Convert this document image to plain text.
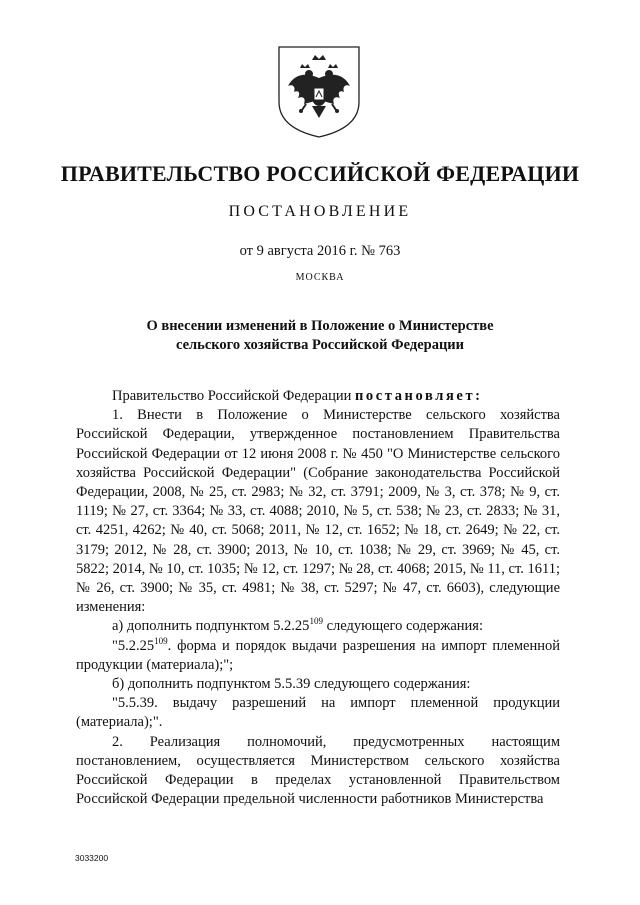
ПРАВИТЕЛЬСТВО РОССИЙСКОЙ ФЕДЕРАЦИИ
ПОСТАНОВЛЕНИЕ
от 9 августа 2016 г. № 763
МОСКВА
О внесении изменений в Положение о Министерстве
сельского хозяйства Российской Федерации

Правительство Российской Федерации постановляет:

1. Внести в Положение о Министерстве сельского хозяйства Российской Федерации, утвержденное постановлением Правительства Российской Федерации от 12 июня 2008 г. № 450 "О Министерстве сельского хозяйства Российской Федерации" (Собрание законодательства Российской Федерации, 2008, № 25, ст. 2983; № 32, ст. 3791; 2009, № 3, ст. 378; № 9, ст. 1119; № 27, ст. 3364; № 33, ст. 4088; 2010, № 5, ст. 538; № 23, ст. 2833; № 31, ст. 4251, 4262; № 40, ст. 5068; 2011, № 12, ст. 1652; № 18, ст. 2649; № 22, ст. 3179; 2012, № 28, ст. 3900; 2013, № 10, ст. 1038; № 29, ст. 3969; № 45, ст. 5822; 2014, № 10, ст. 1035; № 12, ст. 1297; № 28, ст. 4068; 2015, № 11, ст. 1611; № 26, ст. 3900; № 35, ст. 4981; № 38, ст. 5297; № 47, ст. 6603), следующие изменения:

а) дополнить подпунктом 5.2.25$^{109}$ следующего содержания:

"5.2.25$^{109}$. форма и порядок выдачи разрешения на импорт племенной продукции (материала);";

б) дополнить подпунктом 5.5.39 следующего содержания:

"5.5.39. выдачу разрешений на импорт племенной продукции (материала);".

2. Реализация полномочий, предусмотренных настоящим постановлением, осуществляется Министерством сельского хозяйства Российской Федерации в пределах установленной Правительством Российской Федерации предельной численности работников Министерства

3033200
